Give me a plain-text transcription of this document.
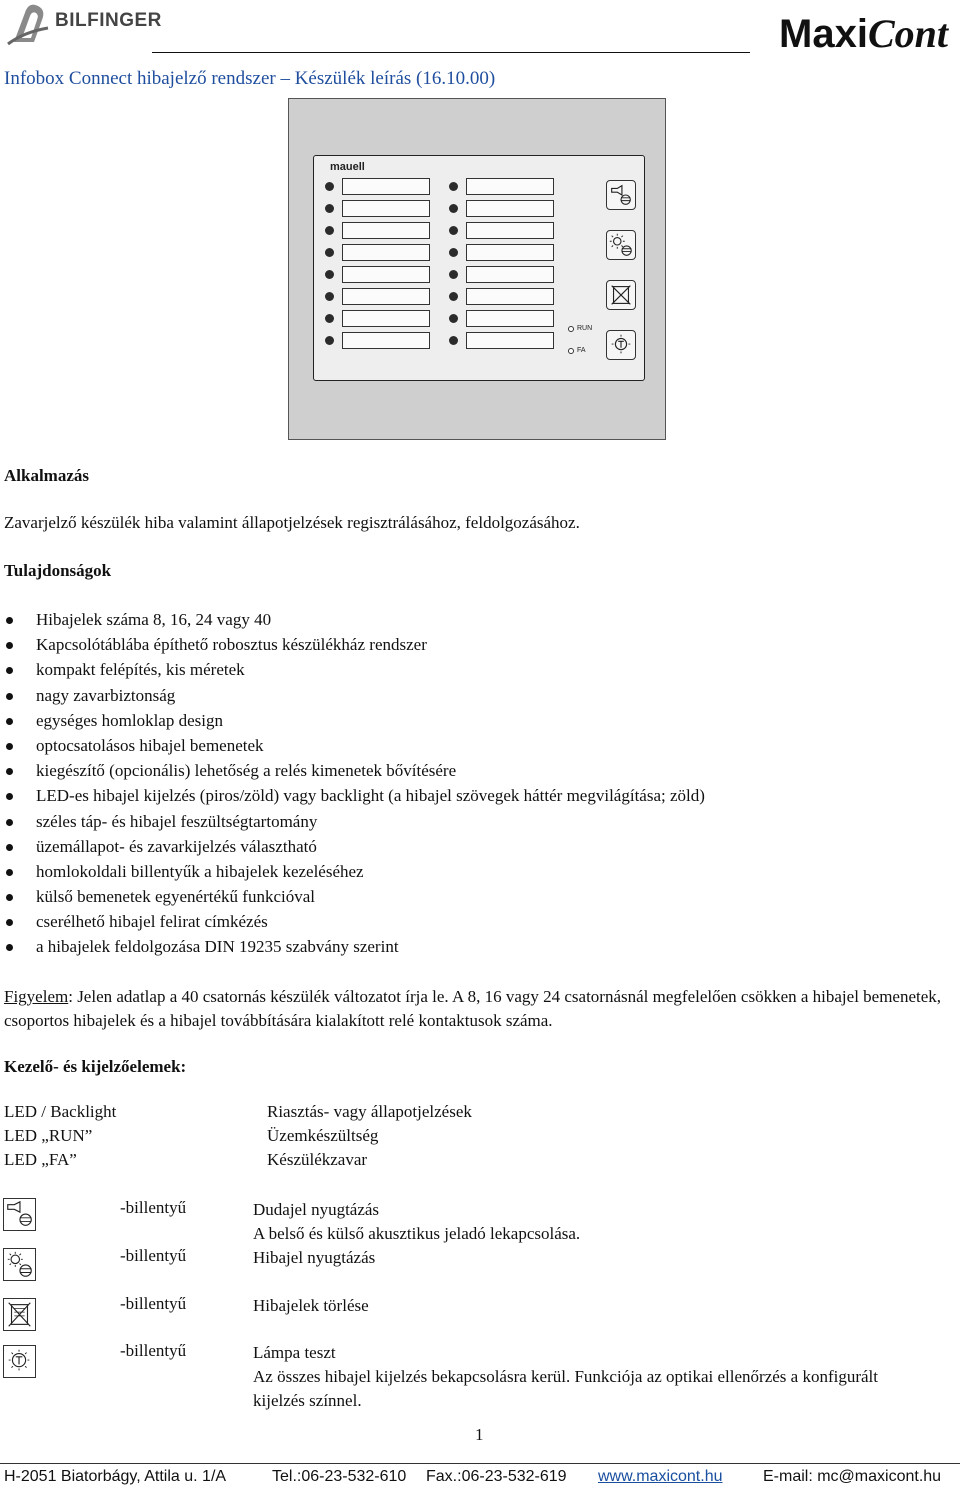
BILFINGER	MaxiCont
Infobox Connect hibajelző rendszer – Készülék leírás (16.10.00)
mauell
RUN
FA
Alkalmazás
Zavarjelző készülék hiba valamint állapotjelzések regisztrálásához, feldolgozásához.
Tulajdonságok
Hibajelek száma 8, 16, 24 vagy 40
Kapcsolótáblába építhető robosztus készülékház rendszer
kompakt felépítés, kis méretek
nagy zavarbiztonság
egységes homloklap design
optocsatolásos hibajel bemenetek
kiegészítő (opcionális) lehetőség a relés kimenetek bővítésére
LED-es hibajel kijelzés (piros/zöld) vagy backlight (a hibajel szövegek háttér megvilágítása; zöld)
széles táp- és hibajel feszültségtartomány
üzemállapot- és zavarkijelzés választható
homlokoldali billentyűk a hibajelek kezeléséhez
külső bemenetek egyenértékű funkcióval
cserélhető hibajel felirat címkézés
a hibajelek feldolgozása DIN 19235 szabvány szerint
Figyelem: Jelen adatlap a 40 csatornás készülék változatot írja le. A 8, 16 vagy 24 csatornásnál megfelelően csökken a hibajel bemenetek, csoportos hibajelek és a hibajel továbbítására kialakított relé kontaktusok száma.
Kezelő- és kijelzőelemek:
LED / Backlight	Riasztás- vagy állapotjelzések
LED „RUN”	Üzemkészültség
LED „FA”	Készülékzavar
-billentyű	Dudajel nyugtázás
A belső és külső akusztikus jeladó lekapcsolása.
-billentyű	Hibajel nyugtázás
-billentyű	Hibajelek törlése
-billentyű	Lámpa teszt
Az összes hibajel kijelzés bekapcsolásra kerül. Funkciója az optikai ellenőrzés a konfigurált kijelzés színnel.
1
H-2051 Biatorbágy, Attila u. 1/A	Tel.:06-23-532-610 Fax.:06-23-532-619 www.maxicont.hu	E-mail: mc@maxicont.hu
